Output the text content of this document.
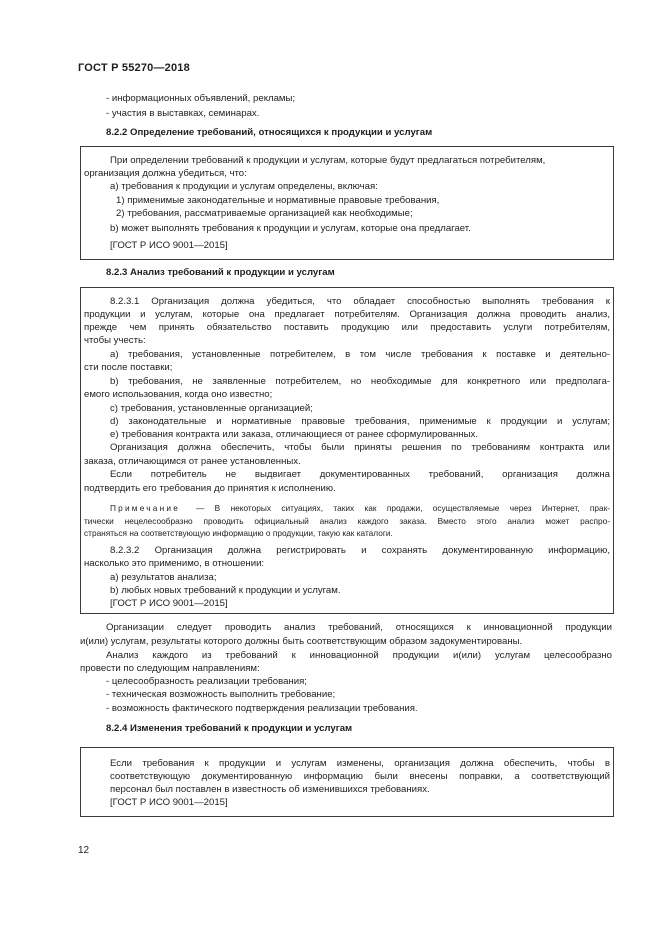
ГОСТ Р 55270—2018
- информационных объявлений, рекламы;
- участия в выставках, семинарах.
8.2.2 Определение требований, относящихся к продукции и услугам
При определении требований к продукции и услугам, которые будут предлагаться потребителям,
организация должна убедиться, что:
a) требования к продукции и услугам определены, включая:
1) применимые законодательные и нормативные правовые требования,
2) требования, рассматриваемые организацией как необходимые;
b) может выполнять требования к продукции и услугам, которые она предлагает.
[ГОСТ Р ИСО 9001—2015]
8.2.3 Анализ требований к продукции и услугам
8.2.3.1 Организация должна убедиться, что обладает способностью выполнять требования к
продукции и услугам, которые она предлагает потребителям. Организация должна проводить анализ,
прежде чем принять обязательство поставить продукцию или предоставить услуги потребителям,
чтобы учесть:
a) требования, установленные потребителем, в том числе требования к поставке и деятельно-
сти после поставки;
b) требования, не заявленные потребителем, но необходимые для конкретного или предполага-
емого использования, когда оно известно;
c) требования, установленные организацией;
d) законодательные и нормативные правовые требования, применимые к продукции и услугам;
e) требования контракта или заказа, отличающиеся от ранее сформулированных.
Организация должна обеспечить, чтобы были приняты решения по требованиям контракта или
заказа, отличающимся от ранее установленных.
Если потребитель не выдвигает документированных требований, организация должна
подтвердить его требования до принятия к исполнению.
Примечание — В некоторых ситуациях, таких как продажи, осуществляемые через Интернет, прак-
тически нецелесообразно проводить официальный анализ каждого заказа. Вместо этого анализ может распро-
страняться на соответствующую информацию о продукции, такую как каталоги.
8.2.3.2 Организация должна регистрировать и сохранять документированную информацию,
насколько это применимо, в отношении:
a) результатов анализа;
b) любых новых требований к продукции и услугам.
[ГОСТ Р ИСО 9001—2015]
Организации следует проводить анализ требований, относящихся к инновационной продукции
и(или) услугам, результаты которого должны быть соответствующим образом задокументированы.
Анализ каждого из требований к инновационной продукции и(или) услугам целесообразно
провести по следующим направлениям:
- целесообразность реализации требования;
- техническая возможность выполнить требование;
- возможность фактического подтверждения реализации требования.
8.2.4 Изменения требований к продукции и услугам
Если требования к продукции и услугам изменены, организация должна обеспечить, чтобы в
соответствующую документированную информацию были внесены поправки, а соответствующий
персонал был поставлен в известность об изменившихся требованиях.
[ГОСТ Р ИСО 9001—2015]
12
